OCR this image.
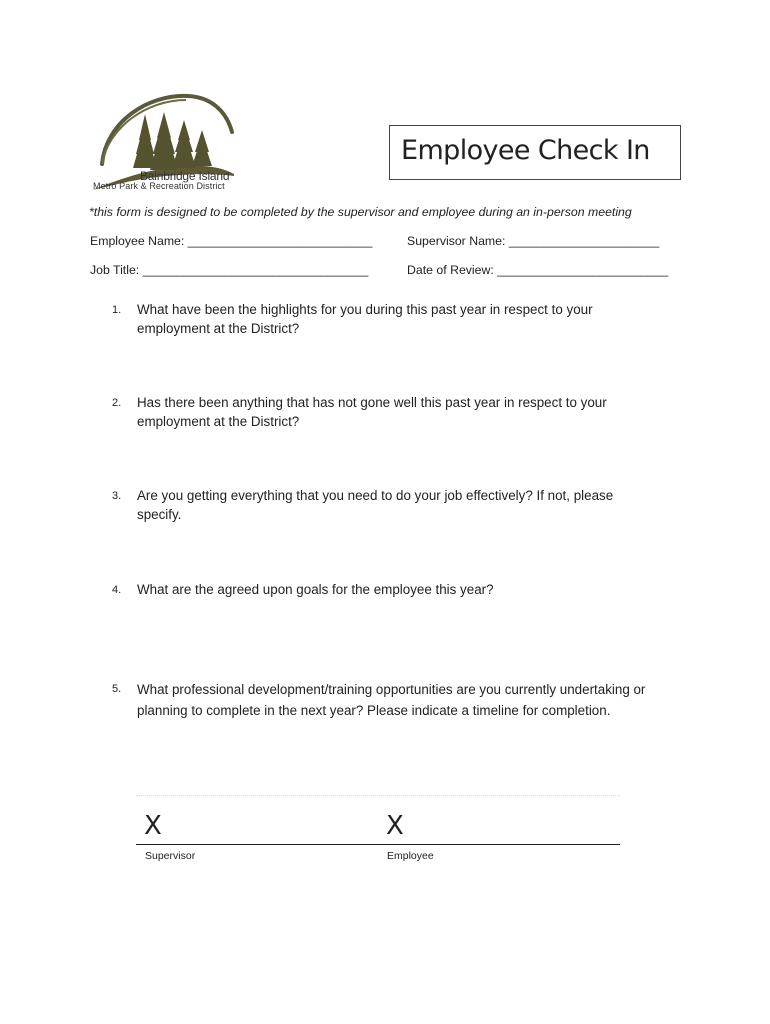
Bainbridge Island
Metro Park & Recreation District
Employee Check In
*this form is designed to be completed by the supervisor and employee during an in-person meeting
Employee Name: ___________________________	Supervisor Name: ______________________
Job Title: _________________________________	Date of Review: _________________________
1.	What have been the highlights for you during this past year in respect to your employment at the District?
2.	Has there been anything that has not gone well this past year in respect to your employment at the District?
3.	Are you getting everything that you need to do your job effectively? If not, please specify.
4.	What are the agreed upon goals for the employee this year?
5.	What professional development/training opportunities are you currently undertaking or planning to complete in the next year? Please indicate a timeline for completion.
X	X
Supervisor	Employee
